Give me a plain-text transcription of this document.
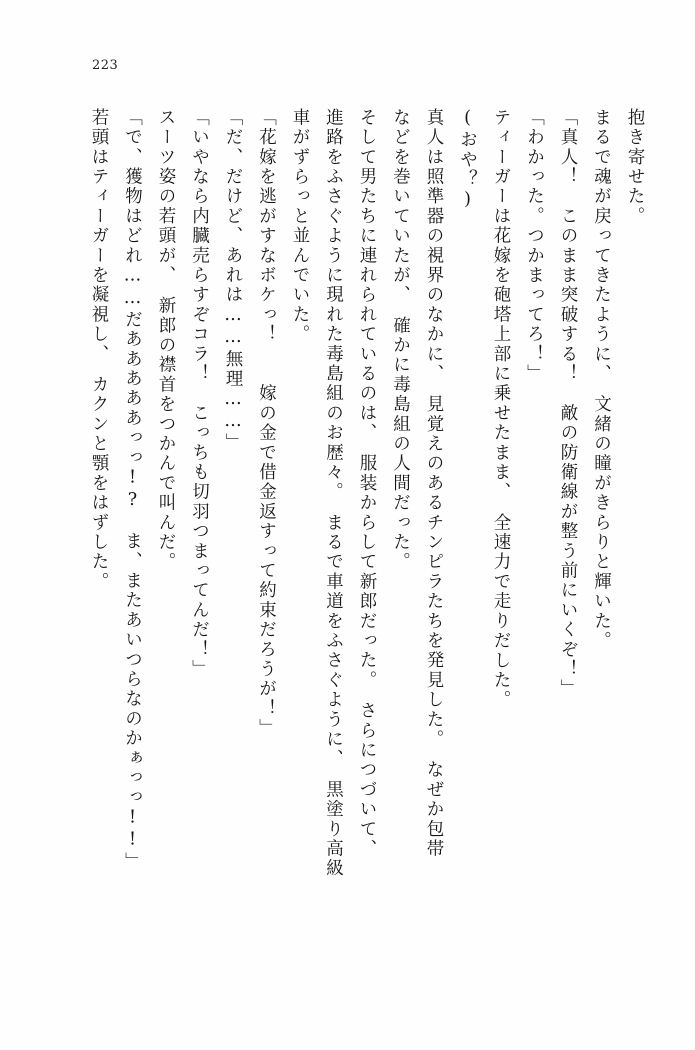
223
抱き寄せた。
まるで魂が戻ってきたように、　文緒の瞳がきらりと輝いた。
「真人！　このまま突破する！　敵の防衛線が整う前にいくぞ！」
「わかった。つかまってろ！」
ティーガーは花嫁を砲塔上部に乗せたまま、　全速力で走りだした。
(おや？)
真人は照準器の視界のなかに、　見覚えのあるチンピラたちを発見した。　なぜか包帯
などを巻いていたが、　確かに毒島組の人間だった。
そして男たちに連れられているのは、　服装からして新郎だった。　さらにつづいて、
進路をふさぐように現れた毒島組のお歴々。　まるで車道をふさぐように、　黒塗り高級
車がずらっと並んでいた。
「花嫁を逃がすなボケっ！　　嫁の金で借金返すって約束だろうが！」
「だ、だけど、あれは……無理……」
「いやなら内臓売らすぞコラ！　こっちも切羽つまってんだ！」
スーツ姿の若頭が、　新郎の襟首をつかんで叫んだ。
「で、獲物はどれ……だあああああっっ!?　ま、またあいつらなのかぁっっ!!」
若頭はティーガーを凝視し、　カクンと顎をはずした。
